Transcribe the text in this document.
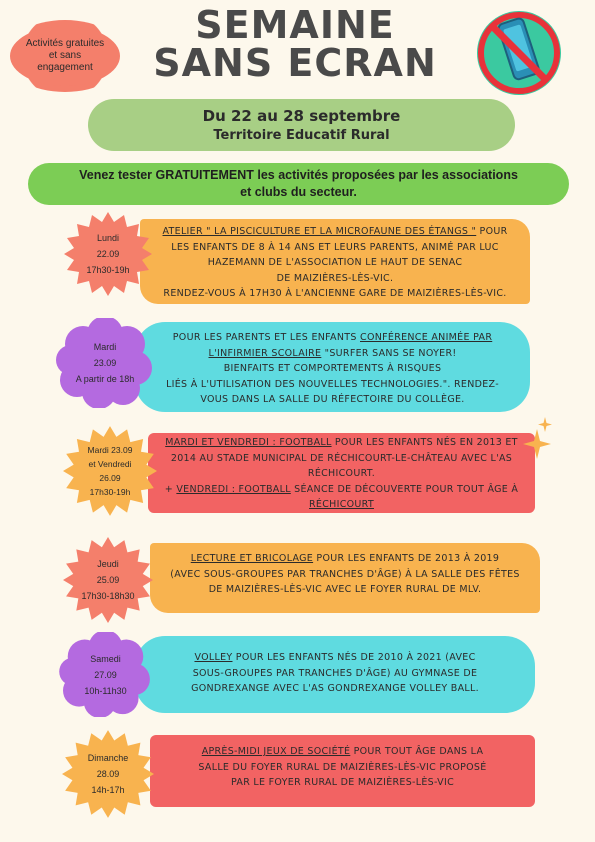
Activités gratuites et sans engagement
SEMAINE
SANS ECRAN
Du 22 au 28 septembre
Territoire Educatif Rural
Venez tester GRATUITEMENT les activités proposées par les associations
et clubs du secteur.
ATELIER " LA PISCICULTURE ET LA MICROFAUNE DES ÉTANGS " POUR
LES ENFANTS DE 8 À 14 ANS ET LEURS PARENTS, ANIMÉ PAR LUC
HAZEMANN DE L'ASSOCIATION LE HAUT DE SENAC
DE MAIZIÈRES-LÈS-VIC.
RENDEZ-VOUS À 17H30 À L'ANCIENNE GARE DE MAIZIÈRES-LÈS-VIC.
Lundi
22.09
17h30-19h
POUR LES PARENTS ET LES ENFANTS CONFÉRENCE ANIMÉE PAR
L'INFIRMIER SCOLAIRE "SURFER SANS SE NOYER!
BIENFAITS ET COMPORTEMENTS À RISQUES
LIÉS À L'UTILISATION DES NOUVELLES TECHNOLOGIES.". RENDEZ-
VOUS DANS LA SALLE DU RÉFECTOIRE DU COLLÈGE.
Mardi
23.09
A partir de 18h
MARDI ET VENDREDI : FOOTBALL POUR LES ENFANTS NÉS EN 2013 ET
2014 AU STADE MUNICIPAL DE RÉCHICOURT-LE-CHÂTEAU AVEC L'AS
RÉCHICOURT.
+ VENDREDI : FOOTBALL SÉANCE DE DÉCOUVERTE POUR TOUT ÂGE À
RÉCHICOURT
Mardi 23.09
et Vendredi
26.09
17h30-19h
LECTURE ET BRICOLAGE POUR LES ENFANTS DE 2013 À 2019
(AVEC SOUS-GROUPES PAR TRANCHES D'ÂGE) À LA SALLE DES FÊTES
DE MAIZIÈRES-LÈS-VIC AVEC LE FOYER RURAL DE MLV.
Jeudi
25.09
17h30-18h30
VOLLEY POUR LES ENFANTS NÉS DE 2010 À 2021 (AVEC
SOUS-GROUPES PAR TRANCHES D'ÂGE) AU GYMNASE DE
GONDREXANGE AVEC L'AS GONDREXANGE VOLLEY BALL.
Samedi
27.09
10h-11h30
APRÈS-MIDI JEUX DE SOCIÉTÉ POUR TOUT ÂGE DANS LA
SALLE DU FOYER RURAL DE MAIZIÈRES-LÈS-VIC PROPOSÉ
PAR LE FOYER RURAL DE MAIZIÈRES-LÈS-VIC
Dimanche
28.09
14h-17h
